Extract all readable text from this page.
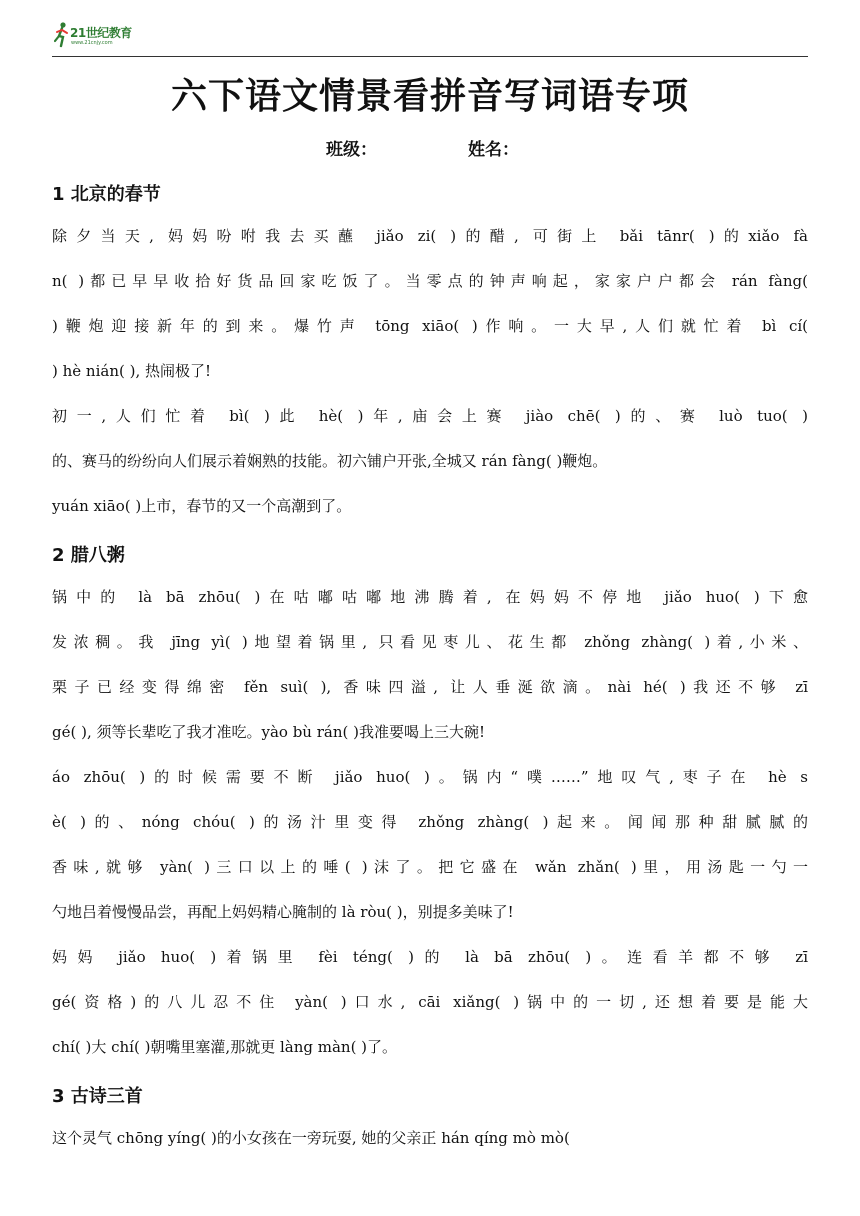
21世纪教育
www.21cnjy.com
六下语文情景看拼音写词语专项
班级：	姓名：
1 北京的春节
除夕当天, 妈妈吩咐我去买蘸 jiǎo zi( )的醋, 可街上 bǎi tānr( )的xiǎo fà
n( )都已早早收拾好货品回家吃饭了。当零点的钟声响起，家家户户都会 rán fàng(
)鞭炮迎接新年的到来。爆竹声 tōng xiāo( )作响。一大早,人们就忙着 bì cí(
) hè nián( ), 热闹极了!
初一,人们忙着 bì( )此 hè( )年,庙会上赛 jiào chē( )的、赛 luò tuo( )
的、赛马的纷纷向人们展示着娴熟的技能。初六铺户开张,全城又 rán fàng( )鞭炮。
yuán xiāo( )上市，春节的又一个高潮到了。
2 腊八粥
锅中的 là bā zhōu( )在咕嘟咕嘟地沸腾着, 在妈妈不停地 jiǎo huo( )下愈
发浓稠。我 jīng yì( )地望着锅里, 只看见枣儿、花生都 zhǒng zhàng( )着,小米、
栗子已经变得绵密 fěn suì( ), 香味四溢, 让人垂涎欲滴。nài hé( )我还不够 zī
gé( ), 须等长辈吃了我才准吃。yào bù rán( )我准要喝上三大碗!
áo zhōu( )的时候需要不断 jiǎo huo( )。锅内“噗……”地叹气,枣子在 hè s
è( )的、nóng chóu( )的汤汁里变得 zhǒng zhàng( )起来。闻闻那种甜腻腻的
香味,就够 yàn( )三口以上的唾( )沫了。把它盛在 wǎn zhǎn( )里，用汤匙一勺一
勺地吕着慢慢品尝，再配上妈妈精心腌制的 là ròu( )，别提多美味了!
妈妈 jiǎo huo( )着锅里 fèi téng( )的 là bā zhōu( )。连看羊都不够 zī
gé(资格)的八儿忍不住 yàn( )口水, cāi xiǎng( )锅中的一切,还想着要是能大
chí( )大 chí( )朝嘴里塞灌,那就更 làng màn( )了。
3 古诗三首
这个灵气 chōng yíng( )的小女孩在一旁玩耍, 她的父亲正 hán qíng mò mò(
